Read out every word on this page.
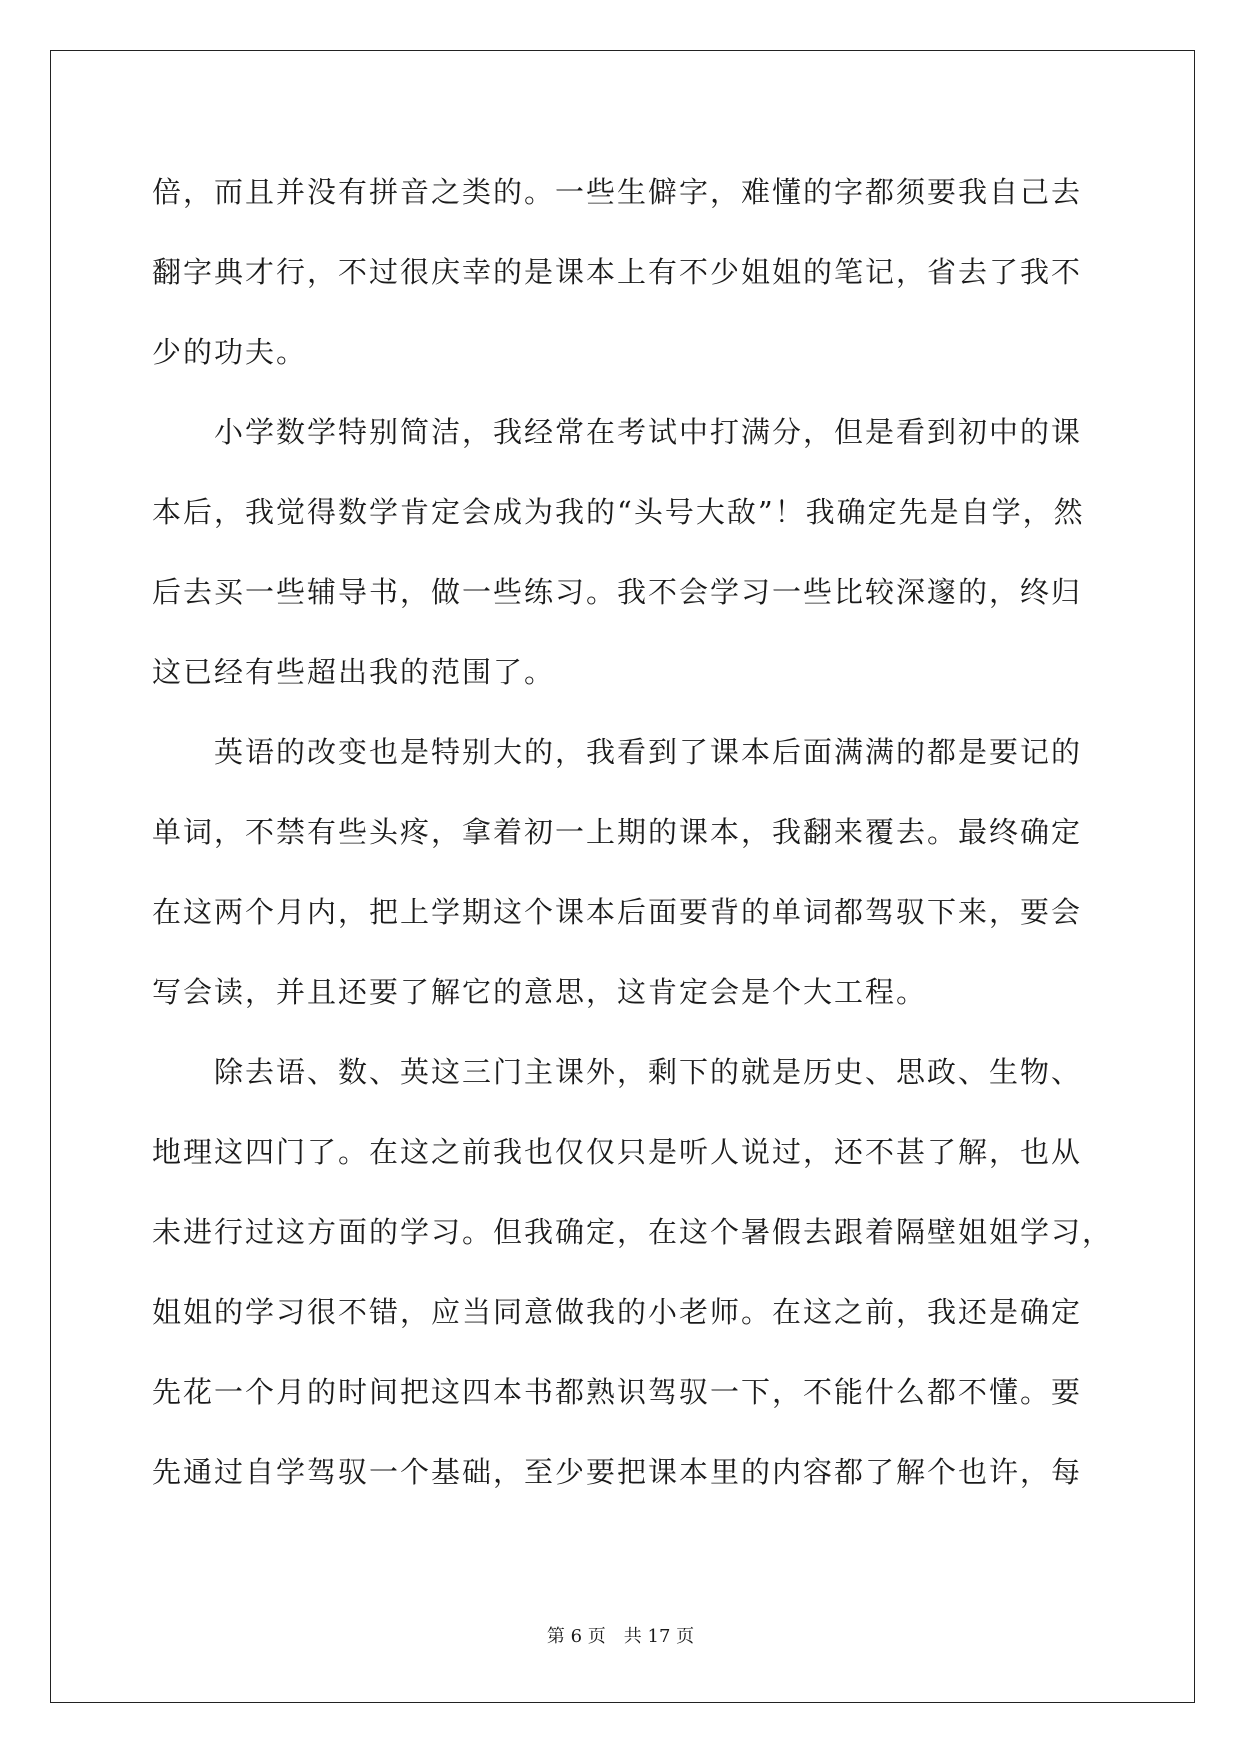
倍，而且并没有拼音之类的。一些生僻字，难懂的字都须要我自己去
翻字典才行，不过很庆幸的是课本上有不少姐姐的笔记，省去了我不
少的功夫。
　　小学数学特别简洁，我经常在考试中打满分，但是看到初中的课
本后，我觉得数学肯定会成为我的“头号大敌”！我确定先是自学，然
后去买一些辅导书，做一些练习。我不会学习一些比较深邃的，终归
这已经有些超出我的范围了。
　　英语的改变也是特别大的，我看到了课本后面满满的都是要记的
单词，不禁有些头疼，拿着初一上期的课本，我翻来覆去。最终确定
在这两个月内，把上学期这个课本后面要背的单词都驾驭下来，要会
写会读，并且还要了解它的意思，这肯定会是个大工程。
　　除去语、数、英这三门主课外，剩下的就是历史、思政、生物、
地理这四门了。在这之前我也仅仅只是听人说过，还不甚了解，也从
未进行过这方面的学习。但我确定，在这个暑假去跟着隔壁姐姐学习，
姐姐的学习很不错，应当同意做我的小老师。在这之前，我还是确定
先花一个月的时间把这四本书都熟识驾驭一下，不能什么都不懂。要
先通过自学驾驭一个基础，至少要把课本里的内容都了解个也许，每
第 6 页　共 17 页
